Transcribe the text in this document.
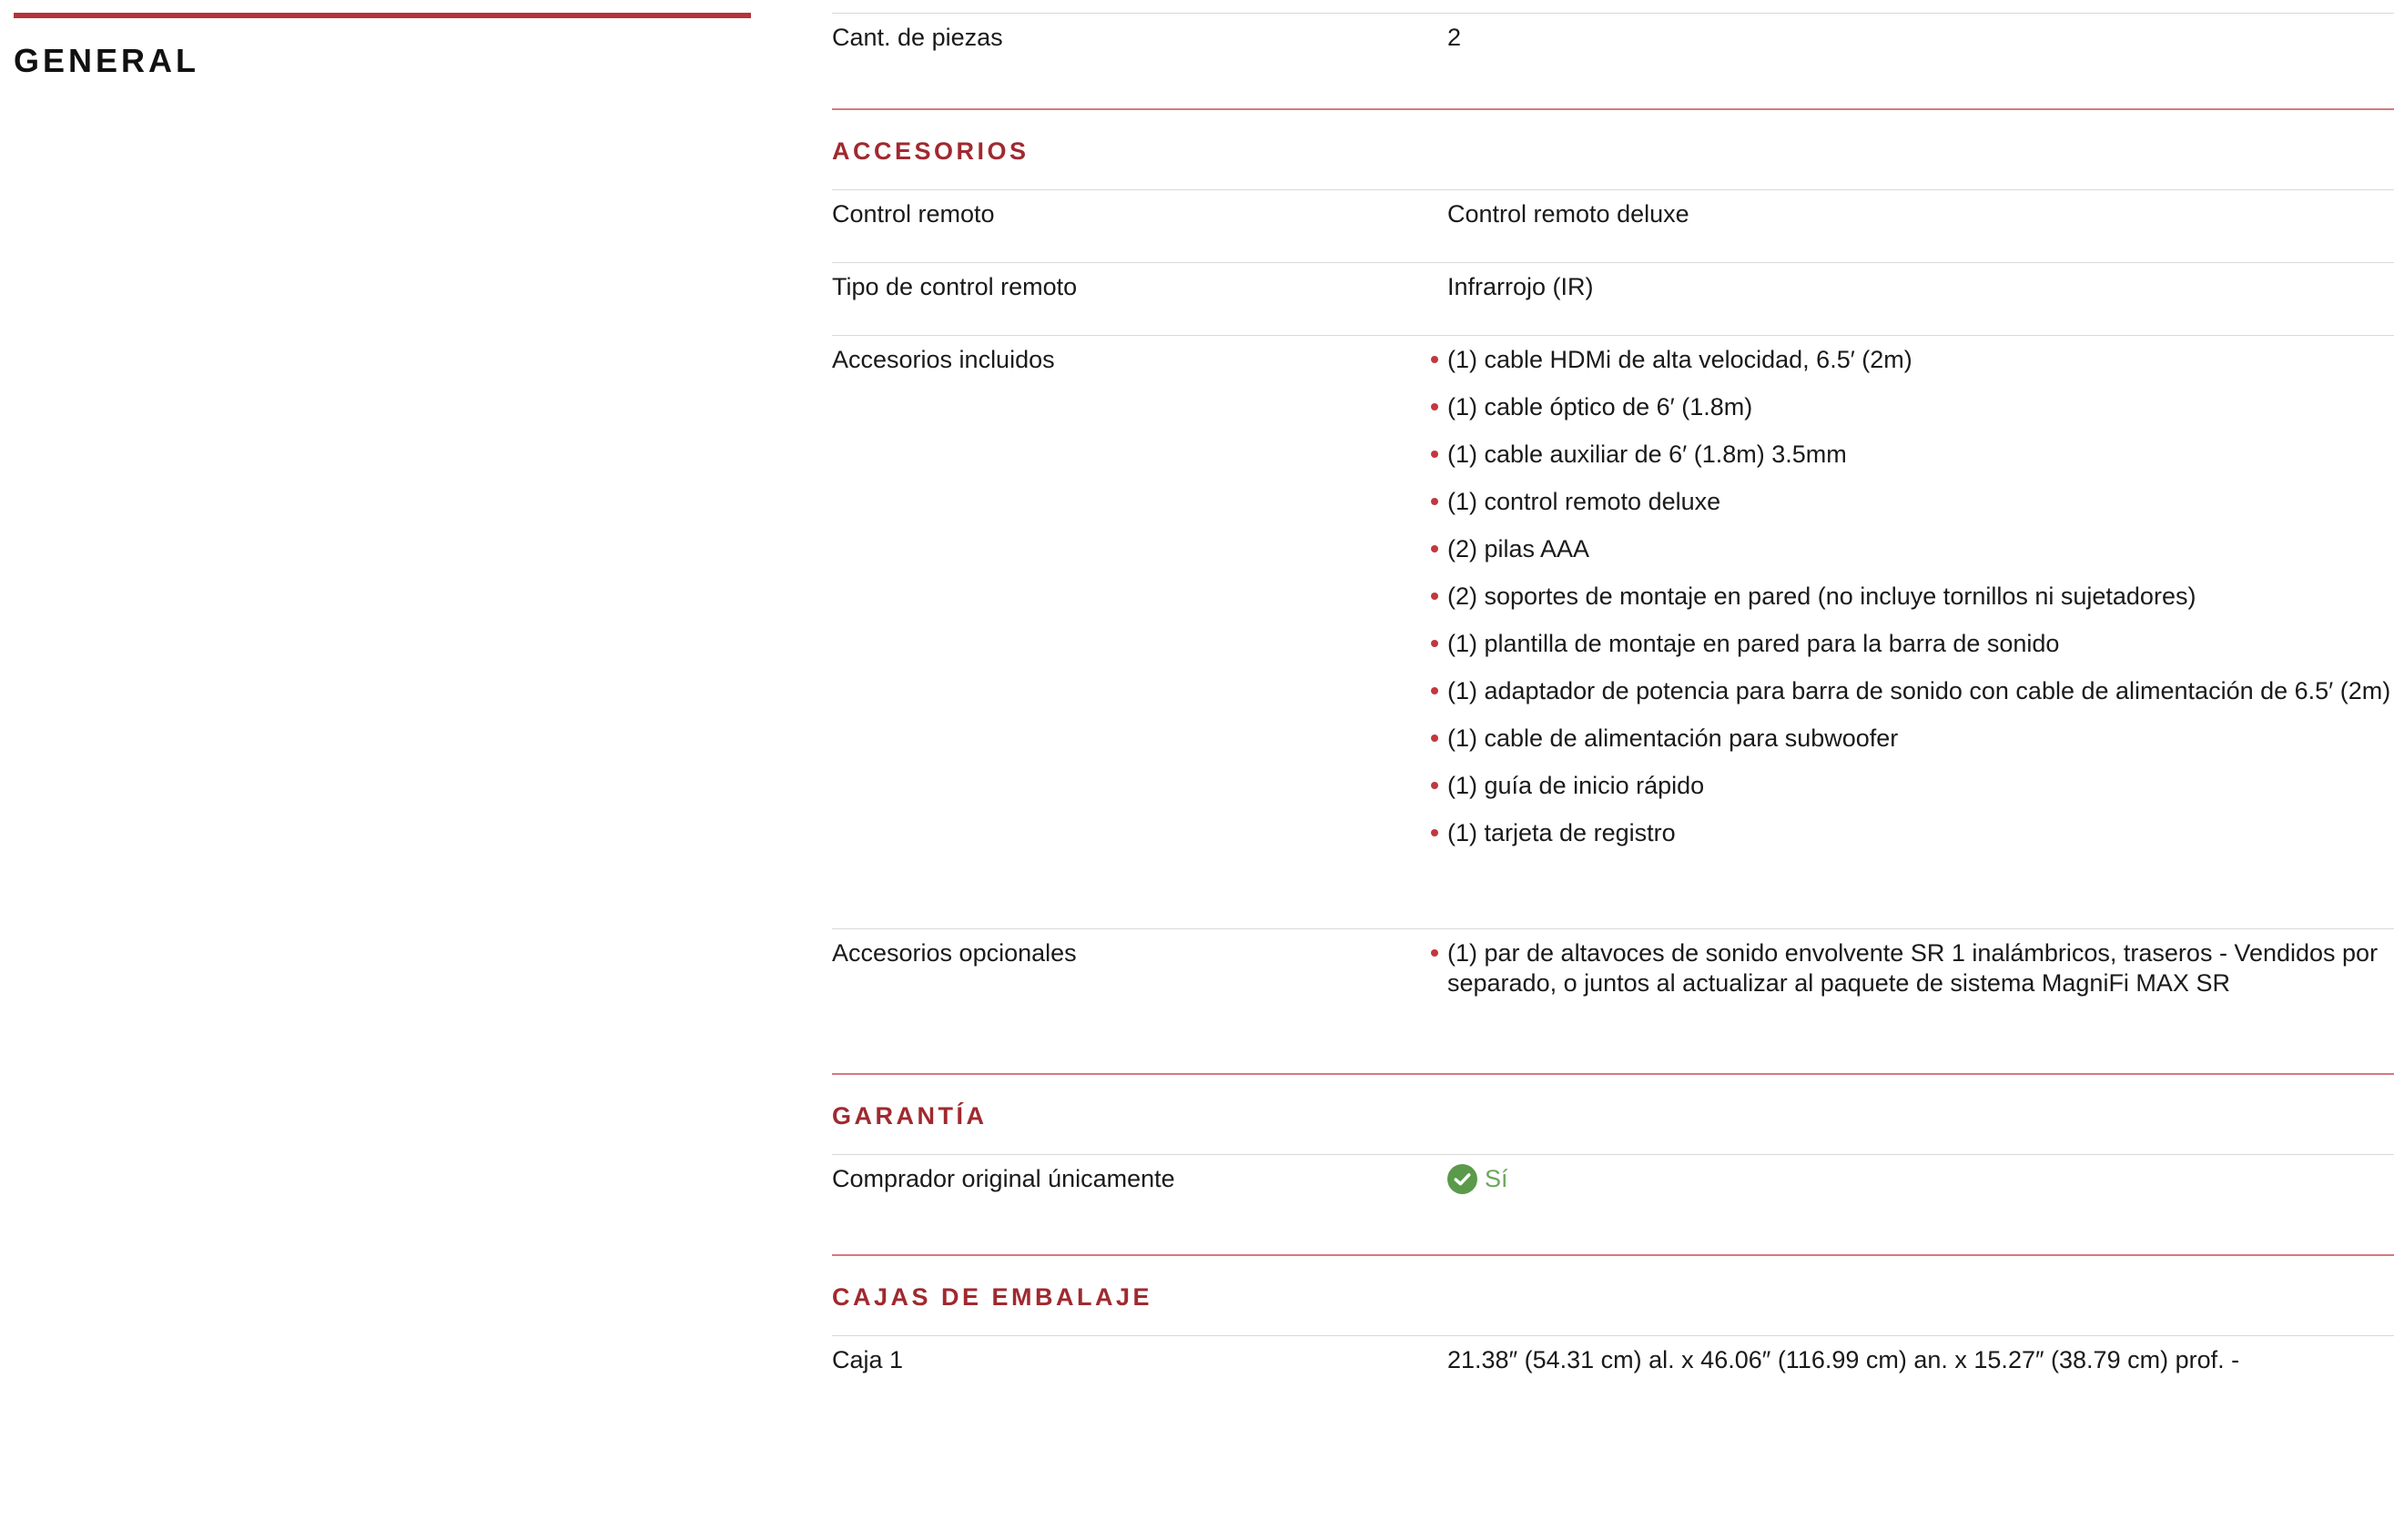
GENERAL
Cant. de piezas	2
ACCESORIOS
Control remoto	Control remoto deluxe
Tipo de control remoto	Infrarrojo (IR)
Accesorios incluidos	(1) cable HDMi de alta velocidad, 6.5′ (2m)
(1) cable óptico de 6′ (1.8m)
(1) cable auxiliar de 6′ (1.8m) 3.5mm
(1) control remoto deluxe
(2) pilas AAA
(2) soportes de montaje en pared (no incluye tornillos ni sujetadores)
(1) plantilla de montaje en pared para la barra de sonido
(1) adaptador de potencia para barra de sonido con cable de alimentación de 6.5′ (2m)
(1) cable de alimentación para subwoofer
(1) guía de inicio rápido
(1) tarjeta de registro
Accesorios opcionales	(1) par de altavoces de sonido envolvente SR 1 inalámbricos, traseros - Vendidos por separado, o juntos al actualizar al paquete de sistema MagniFi MAX SR
GARANTÍA
Comprador original únicamente	Sí
CAJAS DE EMBALAJE
Caja 1	21.38″ (54.31 cm) al. x 46.06″ (116.99 cm) an. x 15.27″ (38.79 cm) prof. -
